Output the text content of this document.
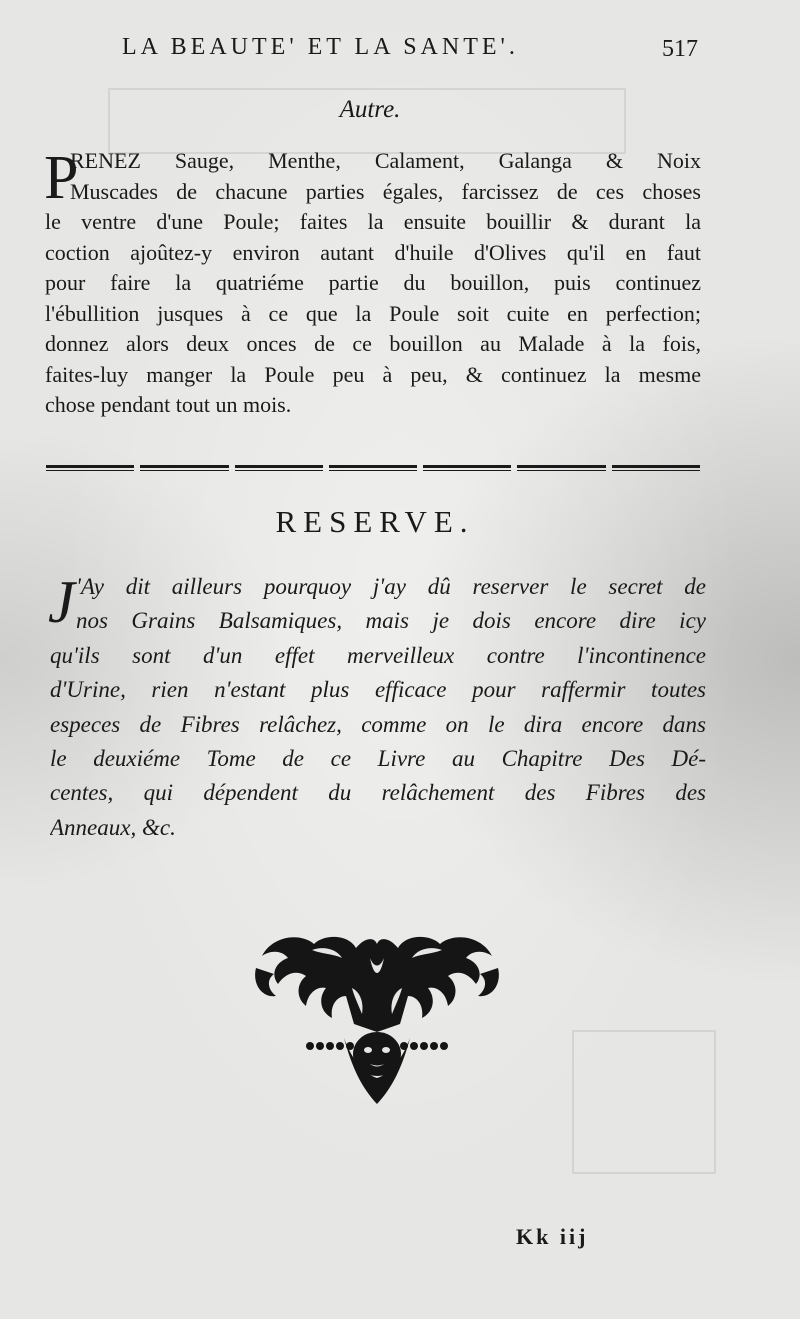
LA BEAUTE' ET LA SANTE'.	517
Autre.
P
RENEZ Sauge, Menthe, Calament, Galanga & Noix
Muscades de chacune parties égales, farcissez de ces choses
le ventre d'une Poule; faites la ensuite bouillir & durant la
coction ajoûtez-y environ autant d'huile d'Olives qu'il en faut
pour faire la quatriéme partie du bouillon, puis continuez
l'ébullition jusques à ce que la Poule soit cuite en perfection;
donnez alors deux onces de ce bouillon au Malade à la fois,
faites-luy manger la Poule peu à peu, & continuez la mesme
chose pendant tout un mois.
RESERVE.
J 'Ay dit ailleurs pourquoy j'ay dû reserver le secret de
nos Grains Balsamiques, mais je dois encore dire icy
qu'ils sont d'un effet merveilleux contre l'incontinence
d'Urine, rien n'estant plus efficace pour raffermir toutes
especes de Fibres relâchez, comme on le dira encore dans
le deuxiéme Tome de ce Livre au Chapitre Des Dé-
centes, qui dépendent du relâchement des Fibres des
Anneaux, &c.
Kk iij
